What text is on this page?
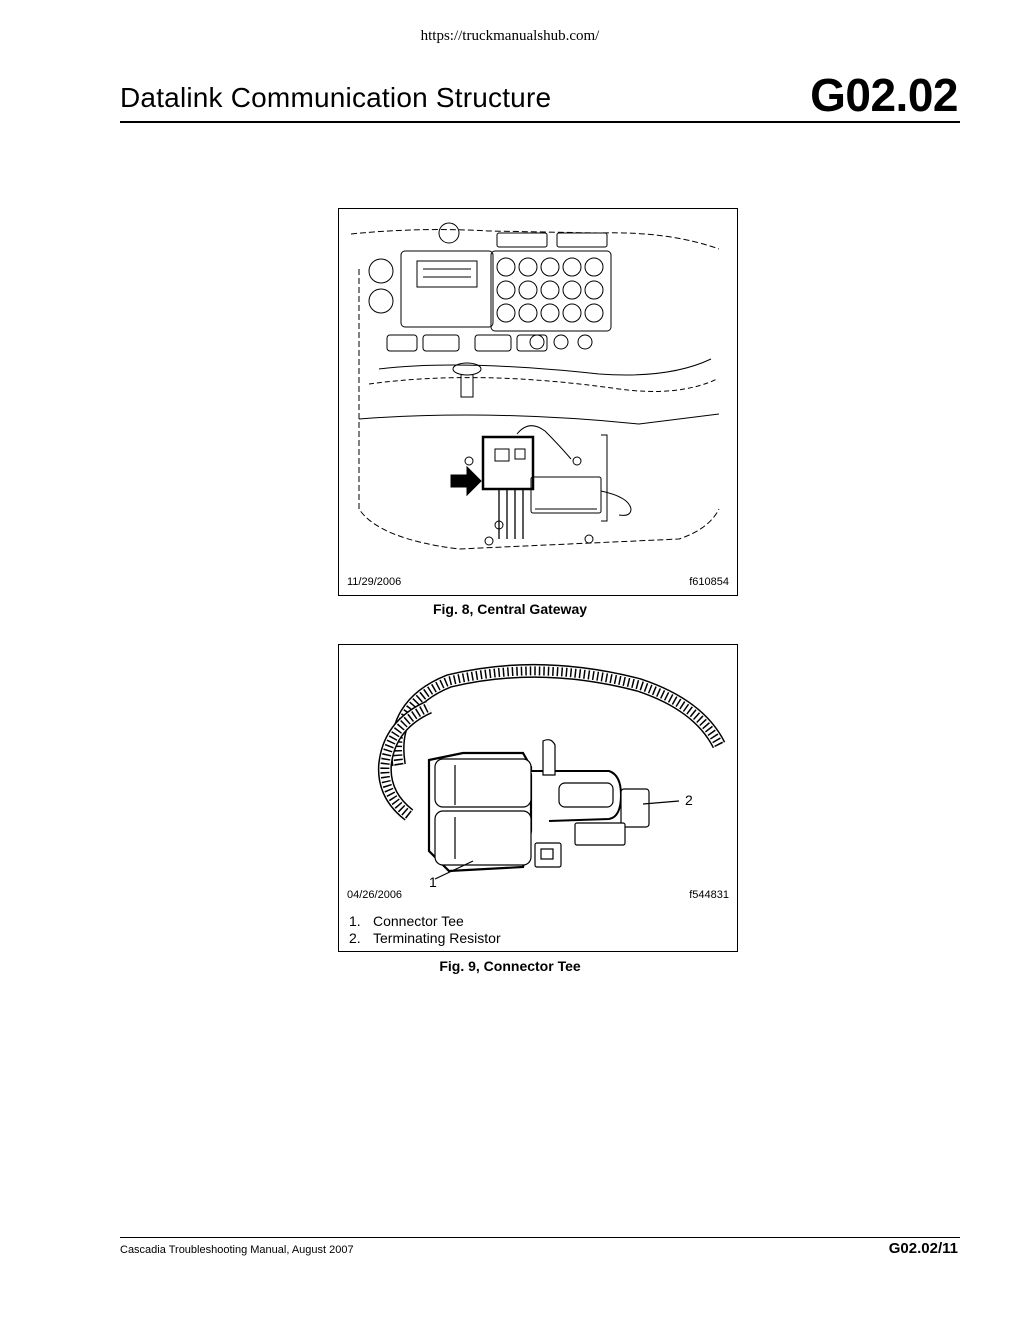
https://truckmanualshub.com/
Datalink Communication Structure	G02.02
11/29/2006	f610854
Fig. 8, Central Gateway
1
2
04/26/2006	f544831
1. Connector Tee
2. Terminating Resistor
Fig. 9, Connector Tee
Cascadia Troubleshooting Manual, August 2007	G02.02/11
